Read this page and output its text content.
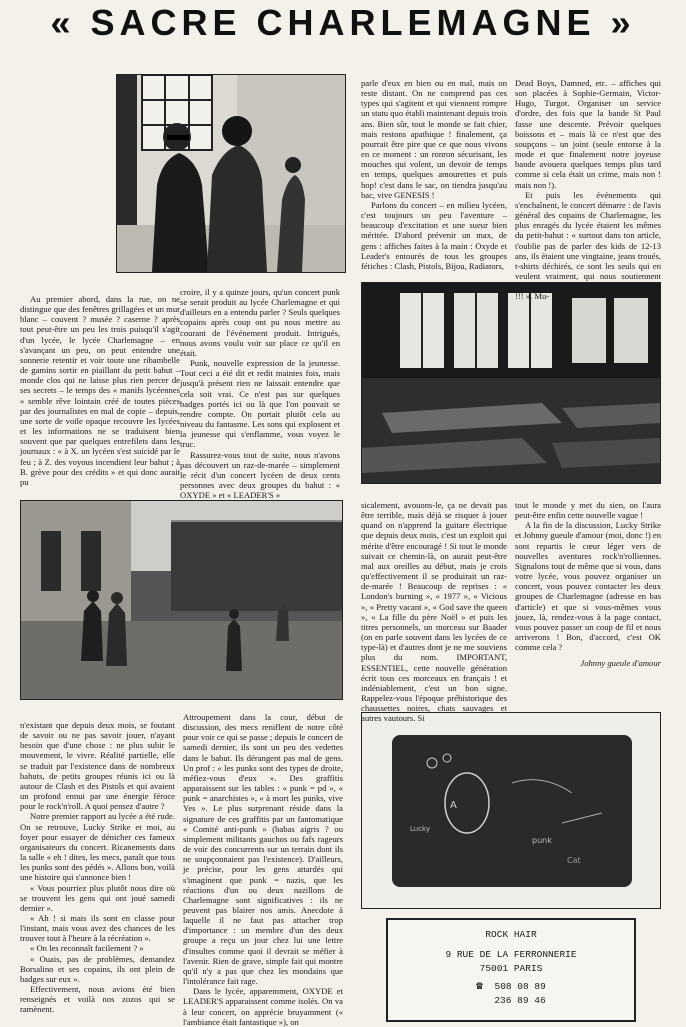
« SACRE CHARLEMAGNE »
A
Lucky
punk
Cat

Au premier abord, dans la rue, on ne distingue que des fenêtres grillagées et un mur blanc – couvent ? musée ? caserne ? après tout peut-être un peu les trois puisqu'il s'agit d'un lycée, le lycée Charlemagne – en s'avançant un peu, on peut entendre une sonnerie retentir et voir toute une ribambelle de gamins sortir en piaillant du petit bahut – monde clos qui ne laisse plus rien percer de ses secrets – le temps des « manifs lycéennes » semble rêve lointain créé de toutes pièces par des journalistes en mal de copie – depuis, une sorte de voile opaque recouvre les lycées et les informations ne se traduisent bien souvent que par quelques entrefilets dans les journaux : « à X. un lycéen s'est suicidé par le feu ; à Z. des voyous incendient leur bahut ; à B. grève pour des crédits » et qui donc aurait pu

croire, il y a quinze jours, qu'un concert punk se serait produit au lycée Charlemagne et qui d'ailleurs en a entendu parler ? Seuls quelques copains après coup ont pu nous mettre au courant de l'événement produit. Intrigués, nous avons voulu voir sur place ce qu'il en était.

Punk, nouvelle expression de la jeunesse. Tout ceci a été dit et redit maintes fois, mais jusqu'à présent rien ne laissait entendre que cela soit vrai. Ce n'est pas sur quelques badges portés ici ou là que l'on pouvait se rendre compte. On portait plutôt cela au niveau du fantasme. Les sons qui explosent et la jeunesse qui s'enflamme, vous voyez le truc.

Rassurez-vous tout de suite, nous n'avons pas découvert un raz-de-marée – simplement le récit d'un concert lycéen de deux cents personnes avec deux groupes du bahut : « OXYDE » et « LEADER'S »

parle d'eux en bien ou en mal, mais on reste distant. On ne comprend pas ces types qui s'agitent et qui viennent rompre un statu quo établi maintenant depuis trois ans. Bien sûr, tout le monde se fait chier, mais restons apathique ! finalement, ça pourrait être pire que ce que nous vivons en ce moment : un ronron sécurisant, les mouches qui volent, un devoir de temps en temps, quelques amourettes et puis hop! c'est dans le sac, on tiendra jusqu'au bac, vive GENESIS !

Parlons du concert – en milieu lycéen, c'est toujours un peu l'aventure – beaucoup d'excitation et une sueur bien méritée. D'abord prévenir un max, de gens : affiches faites à la main : Oxyde et Leader's entourés de tous les groupes fétiches : Clash, Pistols, Bijou, Radiators,

Dead Boys, Damned, etc. – affiches qui son placées à Sophie-Germain, Victor-Hugo, Turgot. Organiser un service d'ordre, des fois que la bande St Paul fasse une descente. Prévoir quelques boissons et – mais là ce n'est que des soupçons – un joint (seule entorse à la mode et que finalement notre joyeuse bande avouera quelques temps plus tard comme si cela était un crime, mais non ! mais non !).

Et puis les événements qui s'enchaînent, le concert démarre : de l'avis général des copains de Charlemagne, les plus enragés du lycée étaient les mêmes du petit-bahut : « surtout dans ton article, t'oublie pas de parler des kids de 12-13 ans, ils étaient une vingtaine, jeans troués, t-shirts déchirés, ce sont les seuls qui en veulent vraiment, qui nous soutiennent véritablement, les autres sont des larves !!! ». Mu-

sicalement, avouons-le, ça ne devait pas être terrible, mais déjà se risquer à jouer quand on n'apprend la guitare électrique que depuis deux mois, c'est un exploit qui mérite d'être encouragé ! Si tout le monde suivait ce chemin-là, on aurait peut-être mal aux oreilles au début, mais je crois qu'effectivement il se produirait un raz-de-marée ! Beaucoup de reprises : « London's burning », « 1977 », « Vicious », « Pretty vacant », « God save the queen », « La fille du père Noël » et puis les titres personnels, un morceau sur Baader (on en parle souvent dans les lycées de ce type-là) et d'autres dont je ne me souviens plus du nom. IMPORTANT, ESSENTIEL, cette nouvelle génération écrit tous ces morceaux en français ! et indéniablement, c'est un bon signe. Rappelez-vous l'époque préhistorique des chaussettes noires, chats sauvages et autres vautours. Si

tout le monde y met du sien, on l'aura peut-être enfin cette nouvelle vague !

A la fin de la discussion, Lucky Strike et Johnny gueule d'amour (moi, donc !) en sont repartis le cœur léger vers de nouvelles aventures rock'n'rolliennes. Signalons tout de même que si vous, dans votre lycée, vous pouvez organiser un concert, vous pouvez contacter les deux groupes de Charlemagne (adresse en bas d'article) et que si vous-mêmes vous jouez, là, rendez-vous à la page contact, vous pouvez passer un coup de fil et nous arriverons ! Bon, d'accord, c'est OK comme cela ?

Johnny gueule d'amour

n'existant que depuis deux mois, se foutant de savoir ou ne pas savoir jouer, n'ayant besoin que d'une chose : ne plus subir le mouvement, le vivre. Réalité partielle, elle se traduit par l'existence dans de nombreux bahuts, de petits groupes réunis ici ou là autour de Clash et des Pistols et qui avaient un profond ennui par une énergie féroce pour le rock'n'roll. A quoi pensez d'autre ?

Notre premier rapport au lycée a été rude. On se retrouve, Lucky Strike et moi, au foyer pour essayer de dénicher ces fameux organisateurs du concert. Ricanements dans la salle « eh ! dites, les mecs, paraît que tous les punks sont des pédés ». Allons bon, voilà une histoire qui s'annonce bien !

« Vous pourriez plus plutôt nous dire où se trouvent les gens qui ont joué samedi dernier ».

« Ah ! si mais ils sont en classe pour l'instant, mais vous avez des chances de les trouver tout à l'heure à la récréation ».

« On les reconnaît facilement ? »

« Ouais, pas de problèmes, demandez Borsalino et ses copains, ils ont plein de badges sur eux ».

Effectivement, nous avions été bien renseignés et voilà nos zozos qui se ramènent.

Attroupement dans la cour, début de discussion, des mecs reniflent de notre côté pour voir ce qui se passe ; depuis le concert de samedi dernier, ils sont un peu des vedettes dans le bahut. Ils dérangent pas mal de gens. Un prof : « les punks sont des types de droite, méfiez-vous d'eux ». Des graffitis apparaissent sur les tables : « punk = pd », « punk = anarchistes », « à mort les punks, vive Yes ». Le plus surprenant réside dans la signature de ces graffitis par un fantomatique « Comité anti-punk » (babas aigris ? ou simplement militants gauchos ou fafs rageurs de voir des concurrents sur un terrain dont ils ne soupçonnaient pas l'existence). D'ailleurs, je précise, pour les gens attardés qui s'imaginent que punk = nazis, que les réactions d'un ou deux nazillons de Charlemagne sont significatives : ils ne peuvent pas blairer nos amis. Anecdote à laquelle il ne faut pas attacher trop d'importance : un membre d'un des deux groupe a reçu un jour chez lui une lettre d'insultes comme quoi il devrait se méfier à l'avenir. Rien de grave, simple fait qui montre qu'il n'y a pas que chez les mondains que l'intolérance fait rage.

Dans le lycée, apparemment, OXYDE et LEADER'S apparaissent comme isolés. On va à leur concert, on apprécie bruyamment (« l'ambiance était fantastique »), on

ROCK HAIR
9 RUE DE LA FERRONNERIE
75001 PARIS
☎ 508 08 89
236 89 46
